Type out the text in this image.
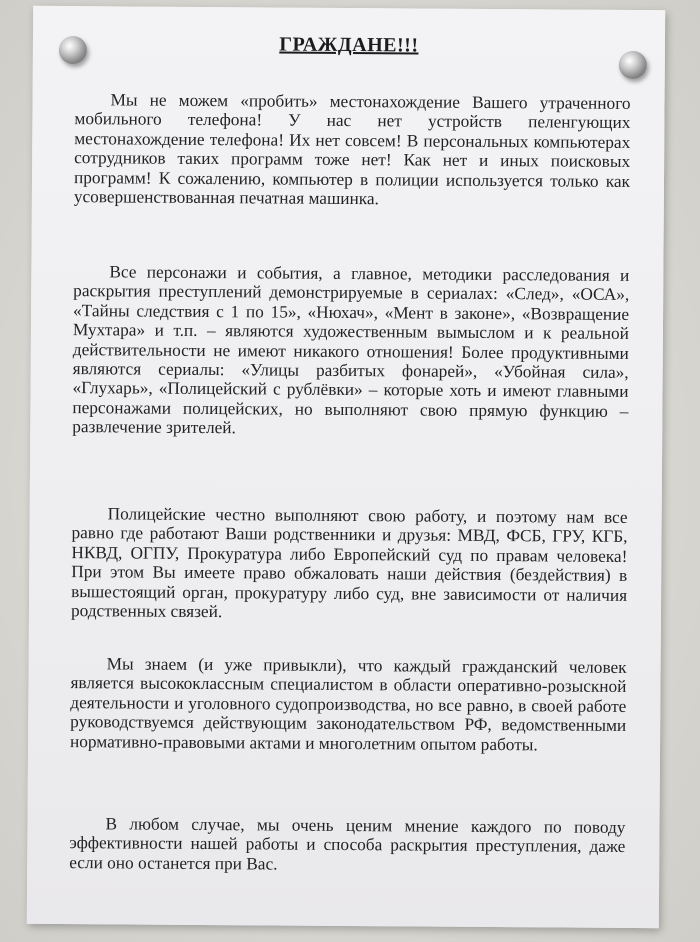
ГРАЖДАНЕ!!!

Мы не можем «пробить» местонахождение Вашего утраченного мобильного телефона! У нас нет устройств пеленгующих местонахождение телефона! Их нет совсем! В персональных компьютерах сотрудников таких программ тоже нет! Как нет и иных поисковых программ! К сожалению, компьютер в полиции используется только как усовершенствованная печатная машинка.

Все персонажи и события, а главное, методики расследования и раскрытия преступлений демонстрируемые в сериалах: «След», «ОСА», «Тайны следствия с 1 по 15», «Нюхач», «Мент в законе», «Возвращение Мухтара» и т.п. – являются художественным вымыслом и к реальной действительности не имеют никакого отношения! Более продуктивными являются сериалы: «Улицы разбитых фонарей», «Убойная сила», «Глухарь», «Полицейский с рублёвки» – которые хоть и имеют главными персонажами полицейских, но выполняют свою прямую функцию – развлечение зрителей.

Полицейские честно выполняют свою работу, и поэтому нам все равно где работают Ваши родственники и друзья: МВД, ФСБ, ГРУ, КГБ, НКВД, ОГПУ, Прокуратура либо Европейский суд по правам человека! При этом Вы имеете право обжаловать наши действия (бездействия) в вышестоящий орган, прокуратуру либо суд, вне зависимости от наличия родственных связей.

Мы знаем (и уже привыкли), что каждый гражданский человек является высококлассным специалистом в области оперативно-розыскной деятельности и уголовного судопроизводства, но все равно, в своей работе руководствуемся действующим законодательством РФ, ведомственными нормативно-правовыми актами и многолетним опытом работы.

В любом случае, мы очень ценим мнение каждого по поводу эффективности нашей работы и способа раскрытия преступления, даже если оно останется при Вас.
